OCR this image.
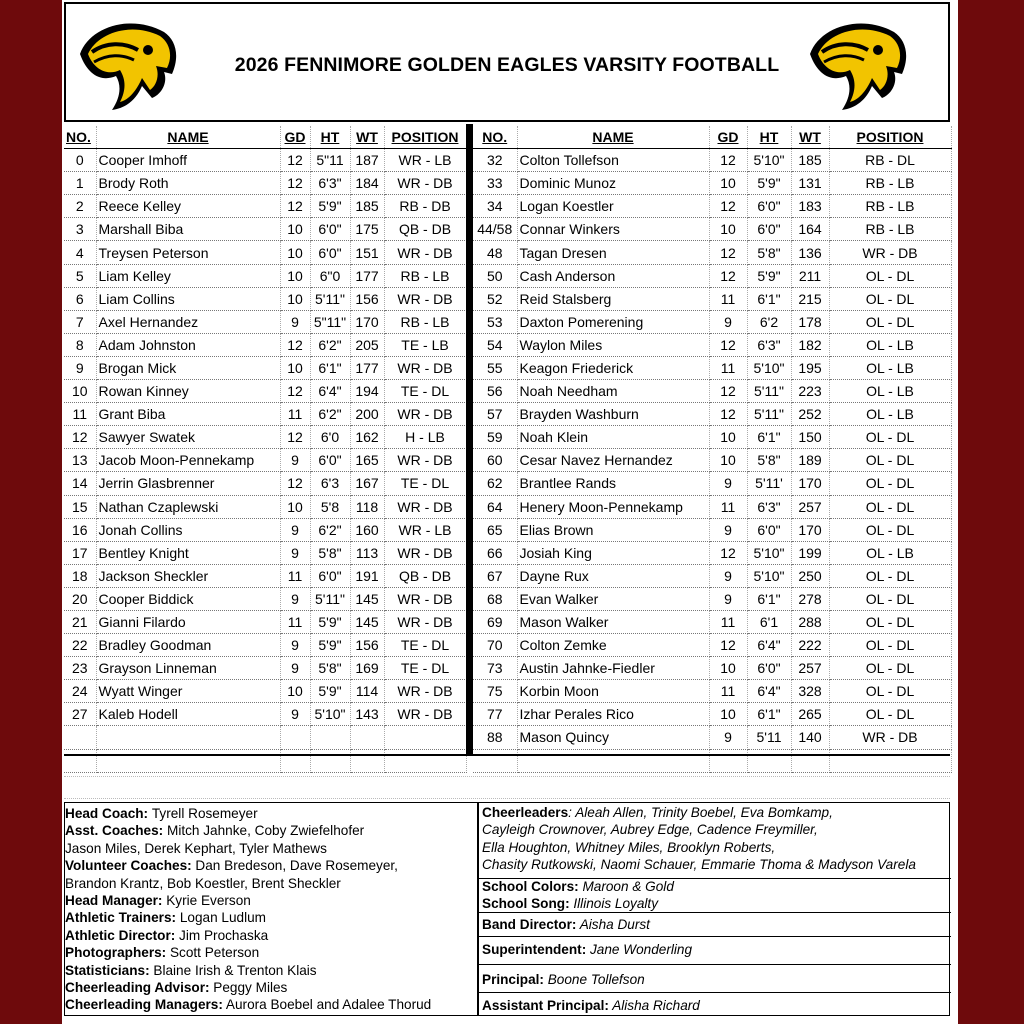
2026 FENNIMORE GOLDEN EAGLES VARSITY FOOTBALL
NO.	NAME	GD	HT	WT	POSITION
0	Cooper Imhoff	12	5"11	187	WR - LB
1	Brody Roth	12	6'3"	184	WR - DB
2	Reece Kelley	12	5'9"	185	RB - DB
3	Marshall Biba	10	6'0"	175	QB - DB
4	Treysen Peterson	10	6'0"	151	WR - DB
5	Liam Kelley	10	6"0	177	RB - LB
6	Liam Collins	10	5'11"	156	WR - DB
7	Axel Hernandez	9	5"11"	170	RB - LB
8	Adam Johnston	12	6'2"	205	TE - LB
9	Brogan Mick	10	6'1"	177	WR - DB
10	Rowan Kinney	12	6'4"	194	TE - DL
11	Grant Biba	11	6'2"	200	WR - DB
12	Sawyer Swatek	12	6'0	162	H - LB
13	Jacob Moon-Pennekamp	9	6'0"	165	WR - DB
14	Jerrin Glasbrenner	12	6'3	167	TE - DL
15	Nathan Czaplewski	10	5'8	118	WR - DB
16	Jonah Collins	9	6'2"	160	WR - LB
17	Bentley Knight	9	5'8"	113	WR - DB
18	Jackson Sheckler	11	6'0"	191	QB - DB
20	Cooper Biddick	9	5'11"	145	WR - DB
21	Gianni Filardo	11	5'9"	145	WR - DB
22	Bradley Goodman	9	5'9"	156	TE - DL
23	Grayson Linneman	9	5'8"	169	TE - DL
24	Wyatt Winger	10	5'9"	114	WR - DB
27	Kaleb Hodell	9	5'10"	143	WR - DB

NO.	NAME	GD	HT	WT	POSITION
32	Colton Tollefson	12	5'10"	185	RB - DL
33	Dominic Munoz	10	5'9"	131	RB - LB
34	Logan Koestler	12	6'0"	183	RB - LB
44/58	Connar Winkers	10	6'0"	164	RB - LB
48	Tagan Dresen	12	5'8"	136	WR - DB
50	Cash Anderson	12	5'9"	211	OL - DL
52	Reid Stalsberg	11	6'1"	215	OL - DL
53	Daxton Pomerening	9	6'2	178	OL - DL
54	Waylon Miles	12	6'3"	182	OL - LB
55	Keagon Friederick	11	5'10"	195	OL - LB
56	Noah Needham	12	5'11"	223	OL - LB
57	Brayden Washburn	12	5'11"	252	OL - LB
59	Noah Klein	10	6'1"	150	OL - DL
60	Cesar Navez Hernandez	10	5'8"	189	OL - DL
62	Brantlee Rands	9	5'11'	170	OL - DL
64	Henery Moon-Pennekamp	11	6'3"	257	OL - DL
65	Elias Brown	9	6'0"	170	OL - DL
66	Josiah King	12	5'10"	199	OL - LB
67	Dayne Rux	9	5'10"	250	OL - DL
68	Evan Walker	9	6'1"	278	OL - DL
69	Mason Walker	11	6'1	288	OL - DL
70	Colton Zemke	12	6'4"	222	OL - DL
73	Austin Jahnke-Fiedler	10	6'0"	257	OL - DL
75	Korbin Moon	11	6'4"	328	OL - DL
77	Izhar Perales Rico	10	6'1"	265	OL - DL
88	Mason Quincy	9	5'11	140	WR - DB

Head Coach: Tyrell Rosemeyer
Asst. Coaches: Mitch Jahnke, Coby Zwiefelhofer
Jason Miles, Derek Kephart, Tyler Mathews
Volunteer Coaches: Dan Bredeson, Dave Rosemeyer,
Brandon Krantz, Bob Koestler, Brent Sheckler
Head Manager: Kyrie Everson
Athletic Trainers: Logan Ludlum
Athletic Director: Jim Prochaska
Photographers: Scott Peterson
Statisticians: Blaine Irish & Trenton Klais
Cheerleading Advisor: Peggy Miles
Cheerleading Managers: Aurora Boebel and Adalee Thorud
Cheerleaders: Aleah Allen, Trinity Boebel, Eva Bomkamp,
Cayleigh Crownover, Aubrey Edge, Cadence Freymiller,
Ella Houghton, Whitney Miles, Brooklyn Roberts,
Chasity Rutkowski, Naomi Schauer, Emmarie Thoma & Madyson Varela
School Colors: Maroon & Gold
School Song: Illinois Loyalty
Band Director: Aisha Durst
Superintendent: Jane Wonderling
Principal: Boone Tollefson
Assistant Principal: Alisha Richard
